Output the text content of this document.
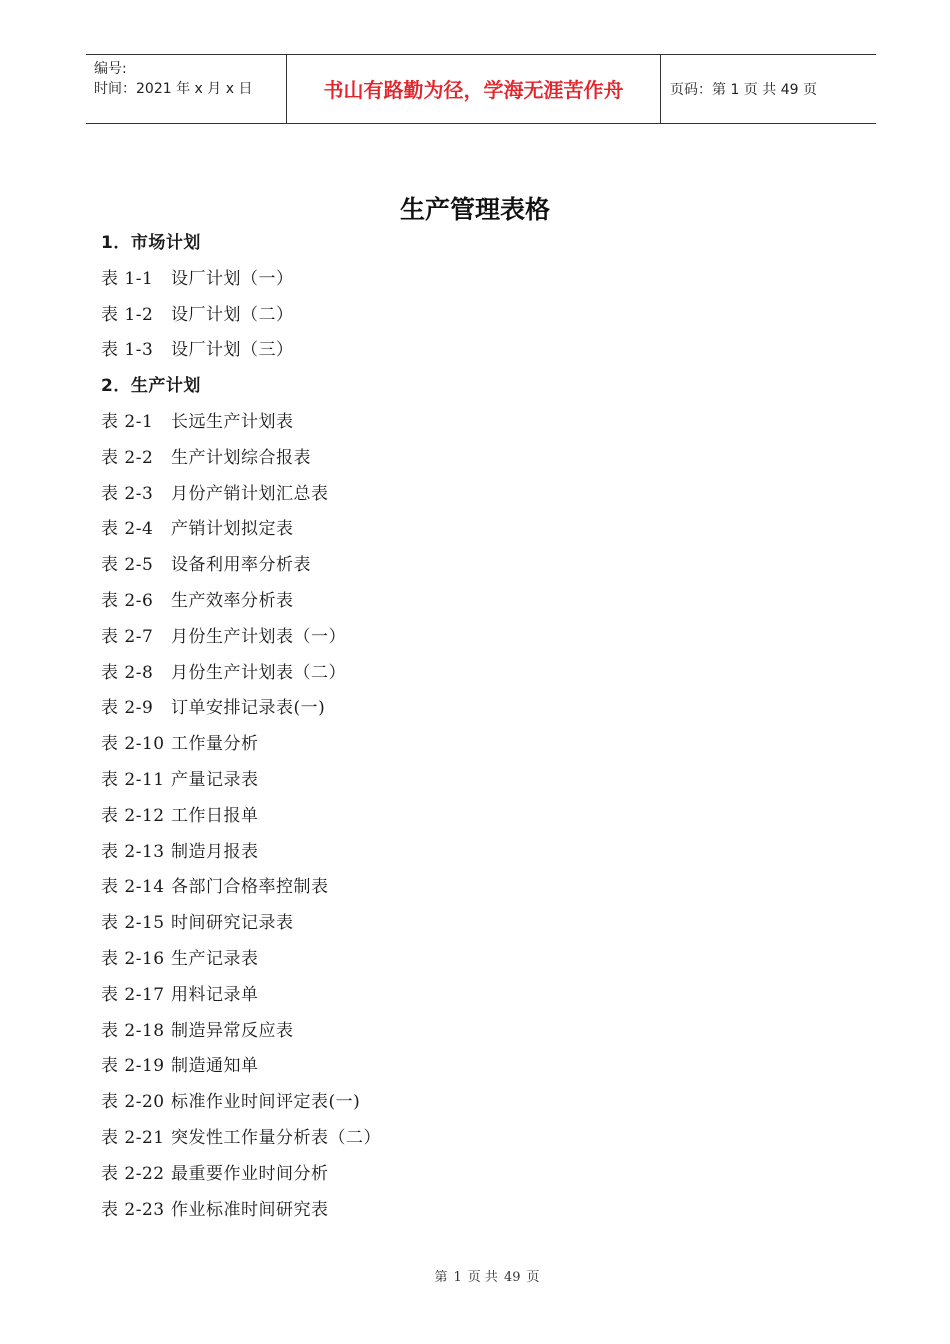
编号:
时间：2021 年 x 月 x 日	书山有路勤为径，学海无涯苦作舟	页码：第 1 页 共 49 页
生产管理表格
1．市场计划
表 1-1 设厂计划（一）
表 1-2 设厂计划（二）
表 1-3 设厂计划（三）
2．生产计划
表 2-1 长远生产计划表
表 2-2 生产计划综合报表
表 2-3 月份产销计划汇总表
表 2-4 产销计划拟定表
表 2-5 设备利用率分析表
表 2-6 生产效率分析表
表 2-7 月份生产计划表（一）
表 2-8 月份生产计划表（二）
表 2-9 订单安排记录表(一)
表 2-10 工作量分析
表 2-11 产量记录表
表 2-12 工作日报单
表 2-13 制造月报表
表 2-14 各部门合格率控制表
表 2-15 时间研究记录表
表 2-16 生产记录表
表 2-17 用料记录单
表 2-18 制造异常反应表
表 2-19 制造通知单
表 2-20 标准作业时间评定表(一)
表 2-21 突发性工作量分析表（二）
表 2-22 最重要作业时间分析
表 2-23 作业标准时间研究表
第 1 页 共 49 页
